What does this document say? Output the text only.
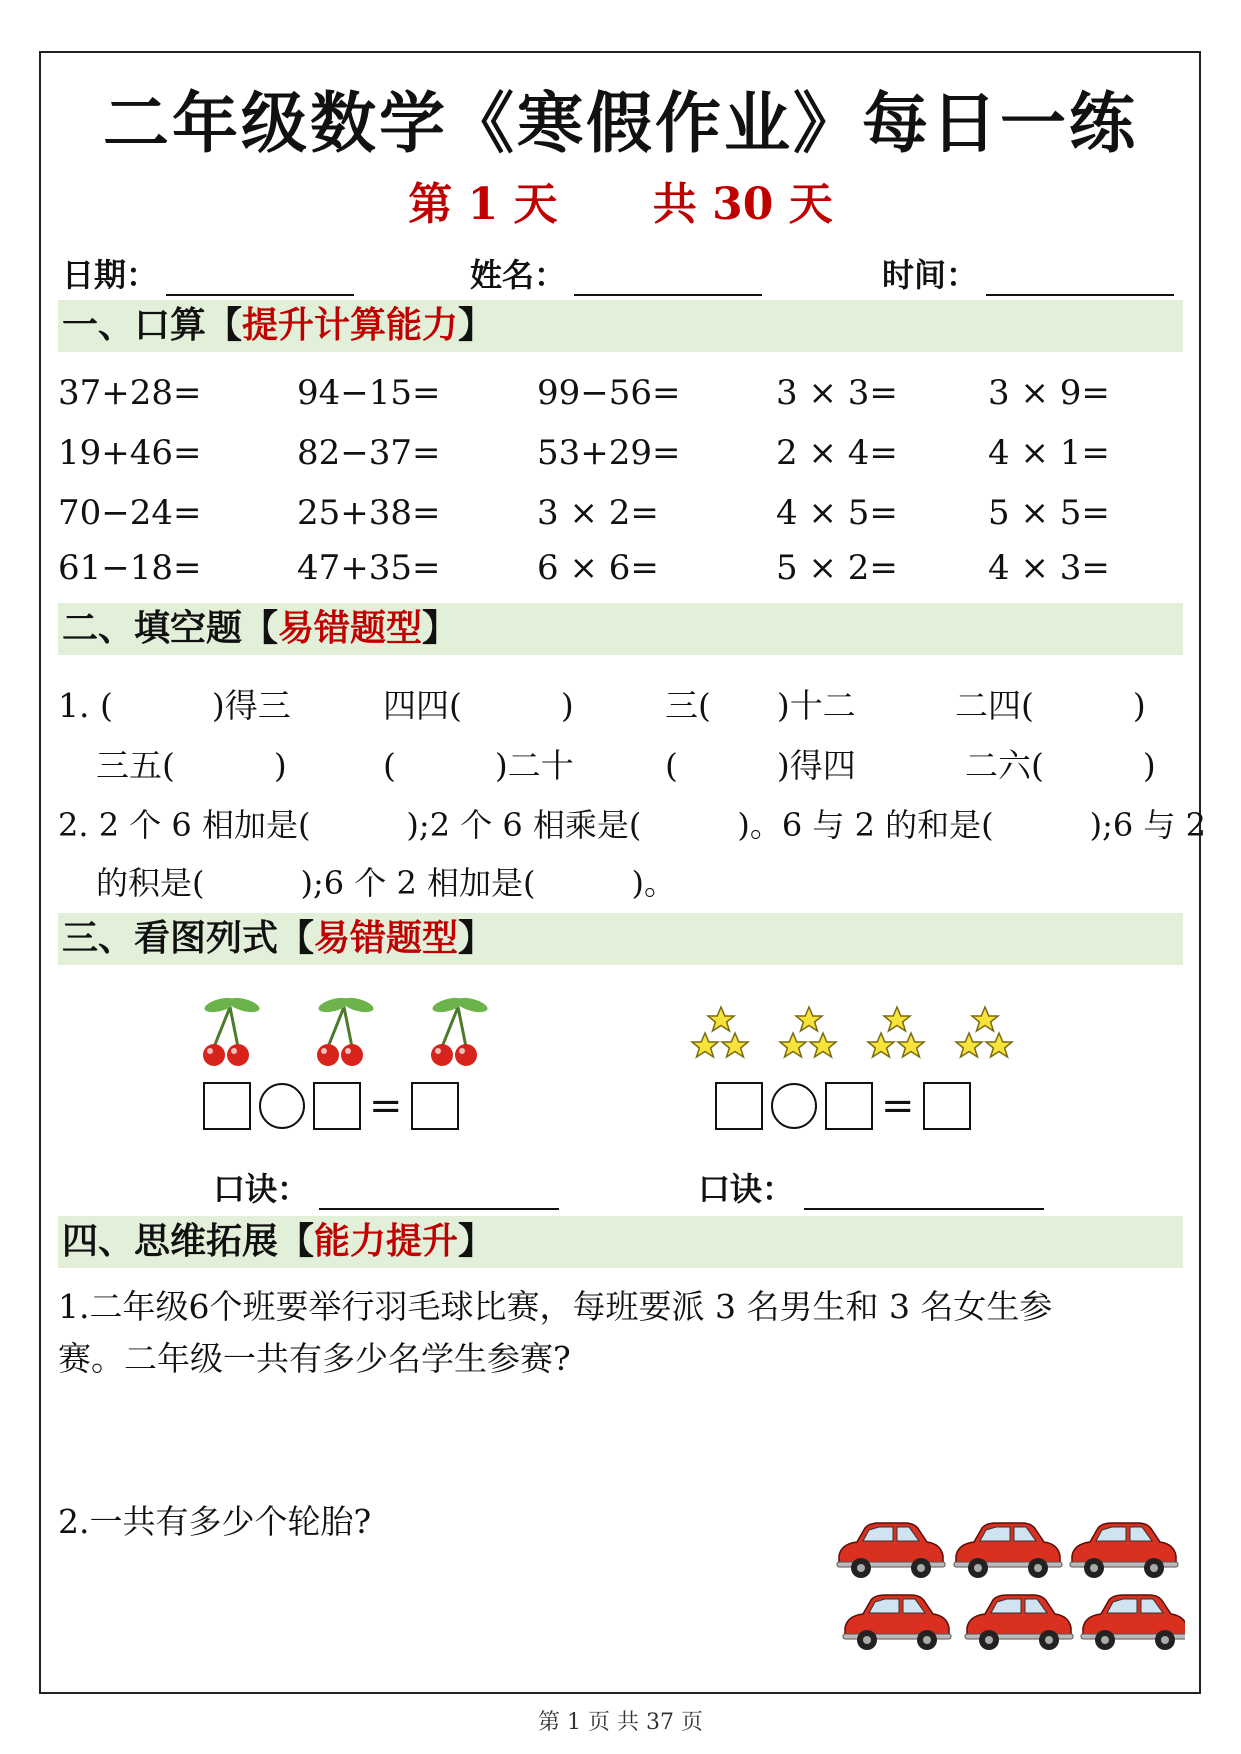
二年级数学《寒假作业》每日一练
第 1 天 共 30 天
日期：	姓名：	时间：
一、口算【提升计算能力】
37+28=	94−15=	99−56=	3 × 3=	3 × 9=
19+46=	82−37=	53+29=	2 × 4=	4 × 1=
70−24=	25+38=	3 × 2=	4 × 5=	5 × 5=
61−18=	47+35=	6 × 6=	5 × 2=	4 × 3=
二、填空题【易错题型】
1. (　　　)得三	四四(　　　)	三(　　)十二	二四(　　　)
三五(　　　)	(　　　)二十	(　　　)得四	二六(　　　)
2. 2 个 6 相加是(　　　);2 个 6 相乘是(　　　)。6 与 2 的和是(　　　);6 与 2
的积是(　　　);6 个 2 相加是(　　　)。
三、看图列式【易错题型】
=	=
口诀：	口诀：
四、思维拓展【能力提升】
1.二年级6个班要举行羽毛球比赛，每班要派 3 名男生和 3 名女生参
赛。二年级一共有多少名学生参赛?
2.一共有多少个轮胎?
第 1 页 共 37 页
